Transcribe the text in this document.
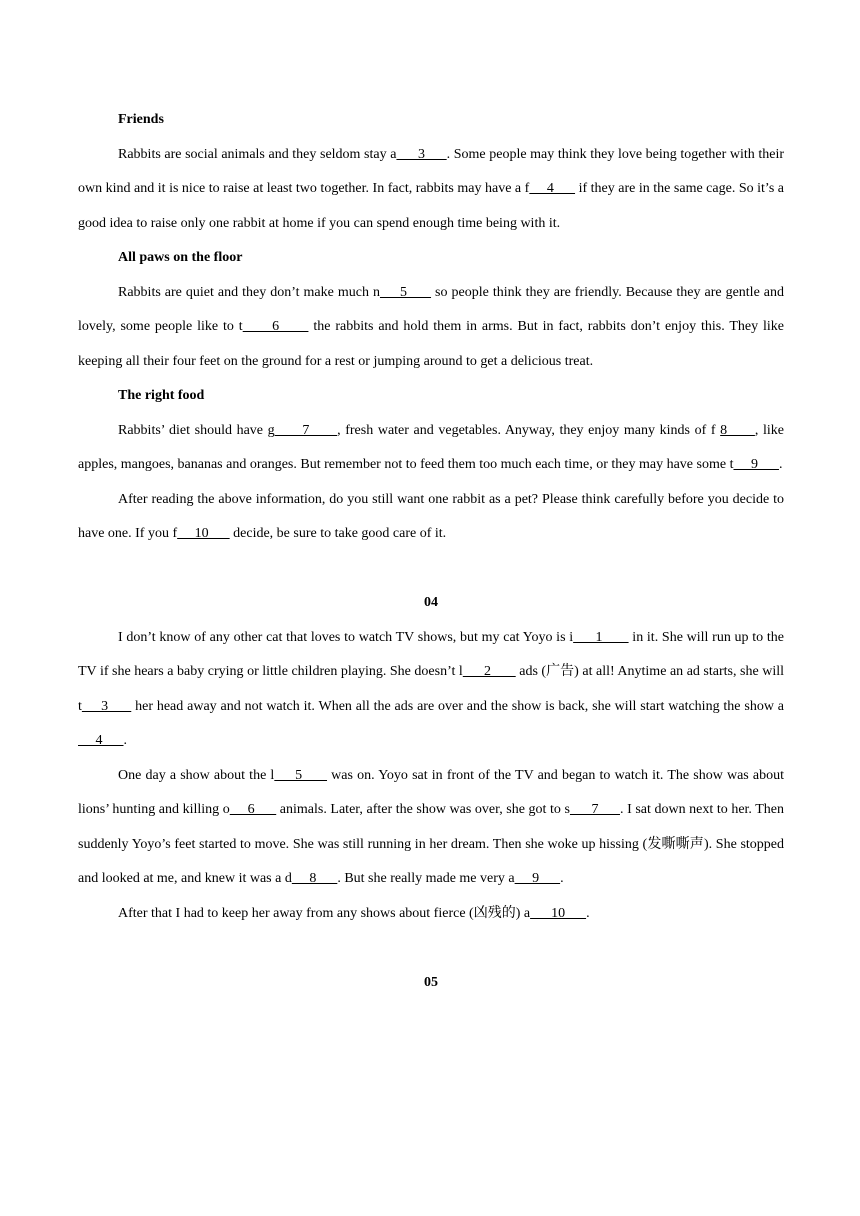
Friends

Rabbits are social animals and they seldom stay a      3      . Some people may think they love being together with their own kind and it is nice to raise at least two together. In fact, rabbits may have a f     4       if they are in the same cage. So it’s a good idea to raise only one rabbit at home if you can spend enough time being with it.

All paws on the floor

Rabbits are quiet and they don’t make much n     5       so people think they are friendly. Because they are gentle and lovely, some people like to t      6       the rabbits and hold them in arms. But in fact, rabbits don’t enjoy this. They like keeping all their four feet on the ground for a rest or jumping around to get a delicious treat.

The right food

Rabbits’ diet should have g      7      , fresh water and vegetables. Anyway, they enjoy many kinds of f 8      , like apples, mangoes, bananas and oranges. But remember not to feed them too much each time, or they may have some t     9      .

After reading the above information, do you still want one rabbit as a pet? Please think carefully before you decide to have one. If you f     10       decide, be sure to take good care of it.

04

I don’t know of any other cat that loves to watch TV shows, but my cat Yoyo is i      1        in it. She will run up to the TV if she hears a baby crying or little children playing. She doesn’t l      2        ads (广告) at all! Anytime an ad starts, she will t     3       her head away and not watch it. When all the ads are over and the show is back, she will start watching the show a     4      .

One day a show about the l     5       was on. Yoyo sat in front of the TV and began to watch it. The show was about lions’ hunting and killing o     6       animals. Later, after the show was over, she got to s      7      . I sat down next to her. Then suddenly Yoyo’s feet started to move. She was still running in her dream. Then she woke up hissing (发嘶嘶声). She stopped and looked at me, and knew it was a d     8      . But she really made me very a     9      .

After that I had to keep her away from any shows about fierce (凶残的) a      10      .

05
